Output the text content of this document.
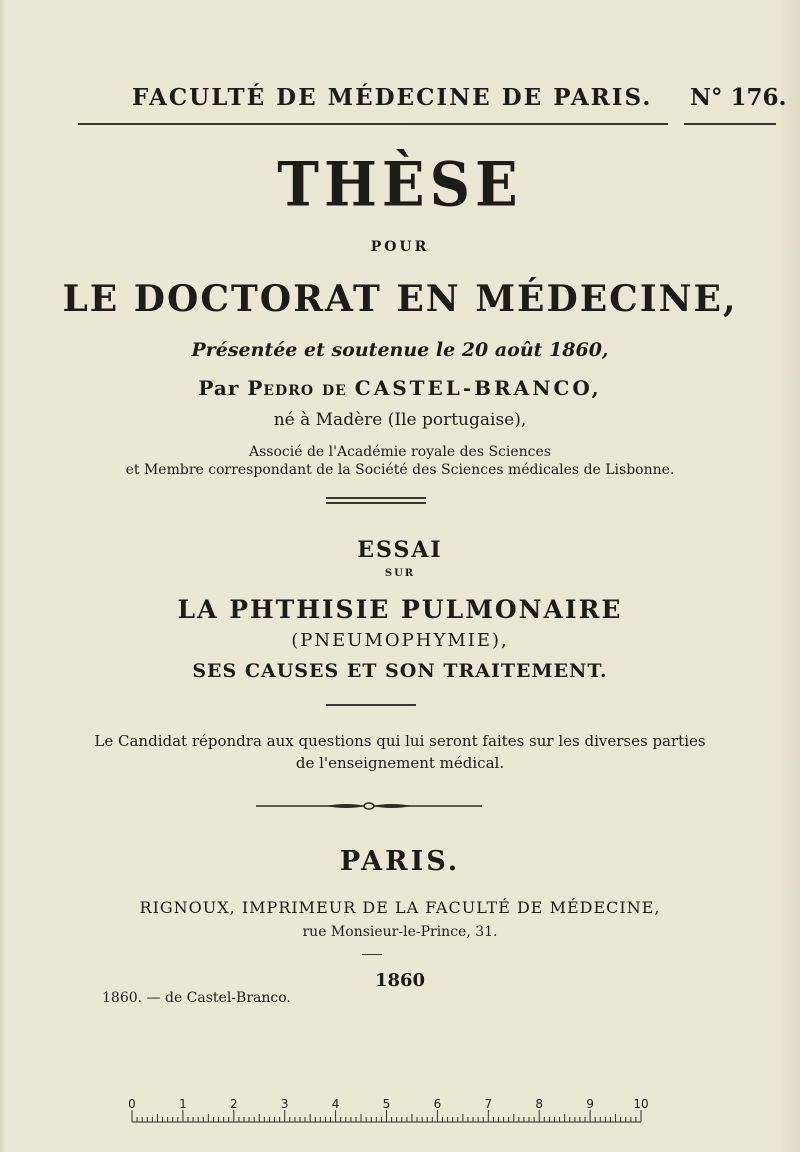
FACULTÉ DE MÉDECINE DE PARIS. N° 176.
THÈSE
POUR
LE DOCTORAT EN MÉDECINE,
Présentée et soutenue le 20 août 1860,
Par Pedro de CASTEL-BRANCO,
né à Madère (Ile portugaise),
Associé de l'Académie royale des Sciences
et Membre correspondant de la Société des Sciences médicales de Lisbonne.
ESSAI
SUR
LA PHTHISIE PULMONAIRE
(PNEUMOPHYMIE),
SES CAUSES ET SON TRAITEMENT.
Le Candidat répondra aux questions qui lui seront faites sur les diverses parties
de l'enseignement médical.
PARIS.
RIGNOUX, IMPRIMEUR DE LA FACULTÉ DE MÉDECINE,
rue Monsieur-le-Prince, 31.
1860
1860. — de Castel-Branco.
0	1	2	3	4	5	6	7	8	9	10
